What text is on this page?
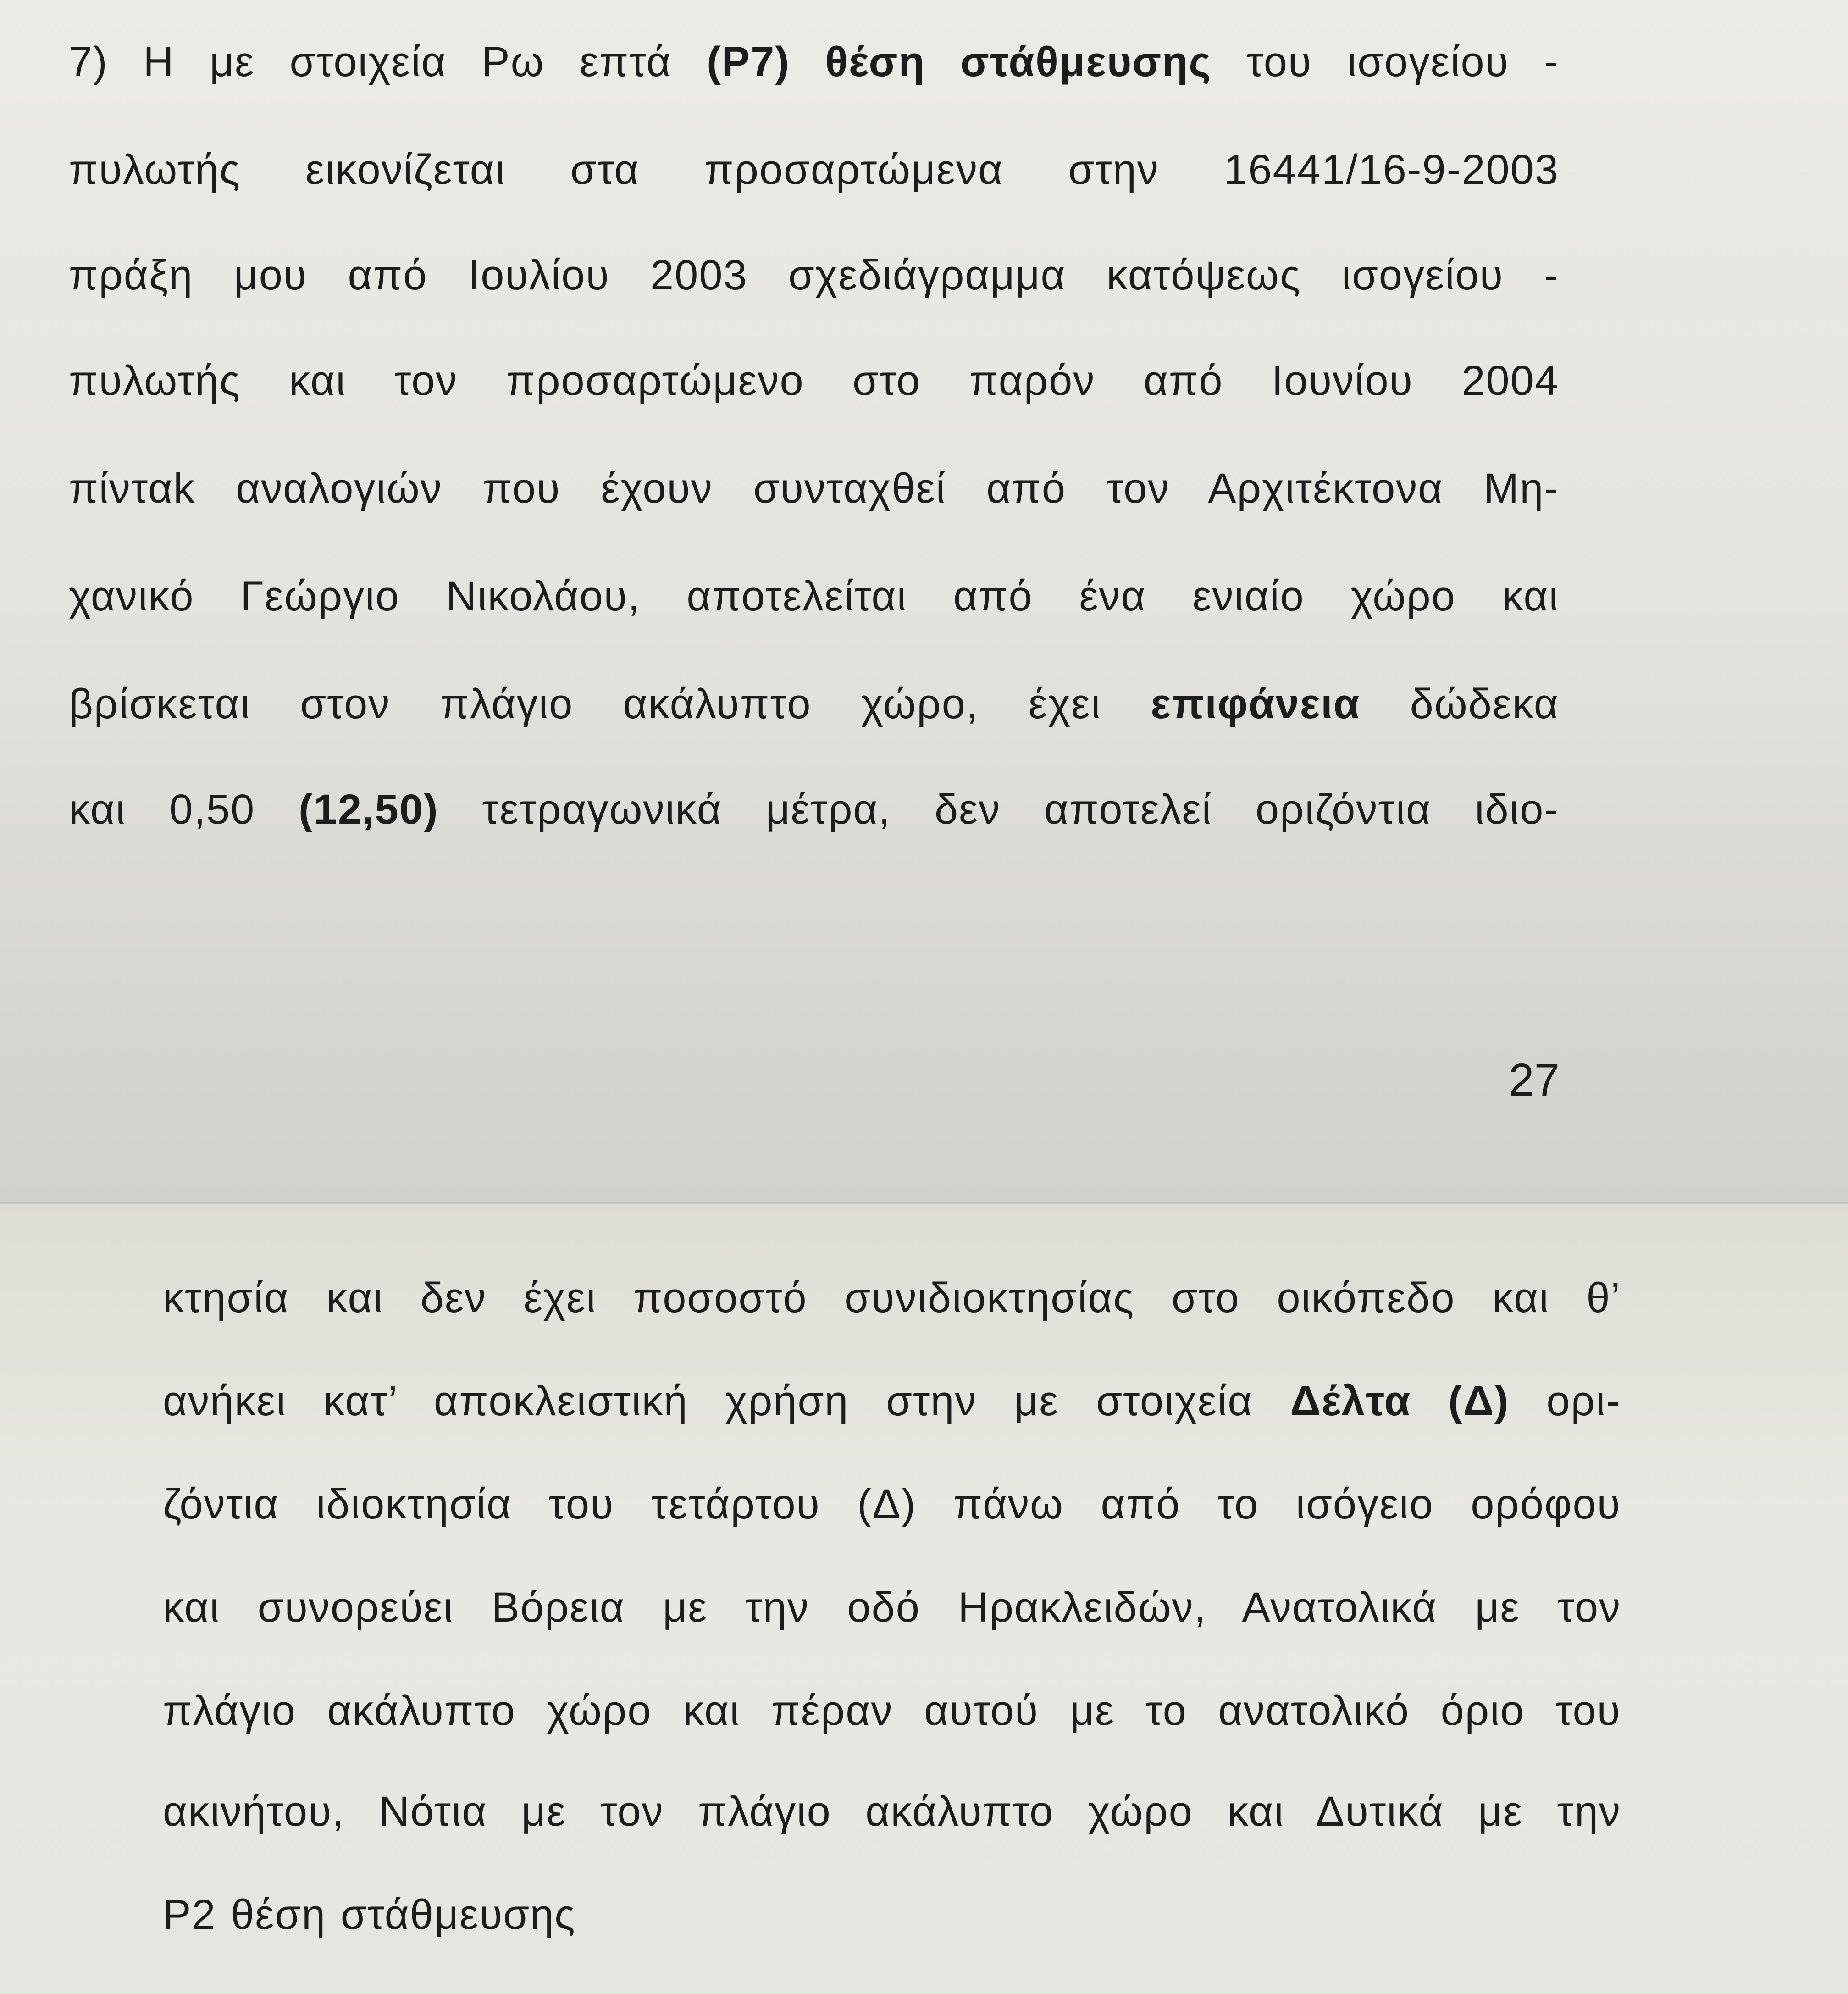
7) Η με στοιχεία Ρω επτά (Ρ7) θέση στάθμευσης του ισογείου -
πυλωτής εικονίζεται στα προσαρτώμενα στην 16441/16-9-2003
πράξη μου από Ιουλίου 2003 σχεδιάγραμμα κατόψεως ισογείου -
πυλωτής και τον προσαρτώμενο στο παρόν από Ιουνίου 2004
πίνταk αναλογιών που έχουν συνταχθεί από τον Αρχιτέκτονα Μη-
χανικό Γεώργιο Νικολάου, αποτελείται από ένα ενιαίο χώρο και
βρίσκεται στον πλάγιο ακάλυπτο χώρο, έχει επιφάνεια δώδεκα
και 0,50 (12,50) τετραγωνικά μέτρα, δεν αποτελεί οριζόντια ιδιο-
27
κτησία και δεν έχει ποσοστό συνιδιοκτησίας στο οικόπεδο και θ’
ανήκει κατ’ αποκλειστική χρήση στην με στοιχεία Δέλτα (Δ) ορι-
ζόντια ιδιοκτησία του τετάρτου (Δ) πάνω από το ισόγειο ορόφου
και συνορεύει Βόρεια με την οδό Ηρακλειδών, Ανατολικά με τον
πλάγιο ακάλυπτο χώρο και πέραν αυτού με το ανατολικό όριο του
ακινήτου, Νότια με τον πλάγιο ακάλυπτο χώρο και Δυτικά με την
Ρ2 θέση στάθμευσης
